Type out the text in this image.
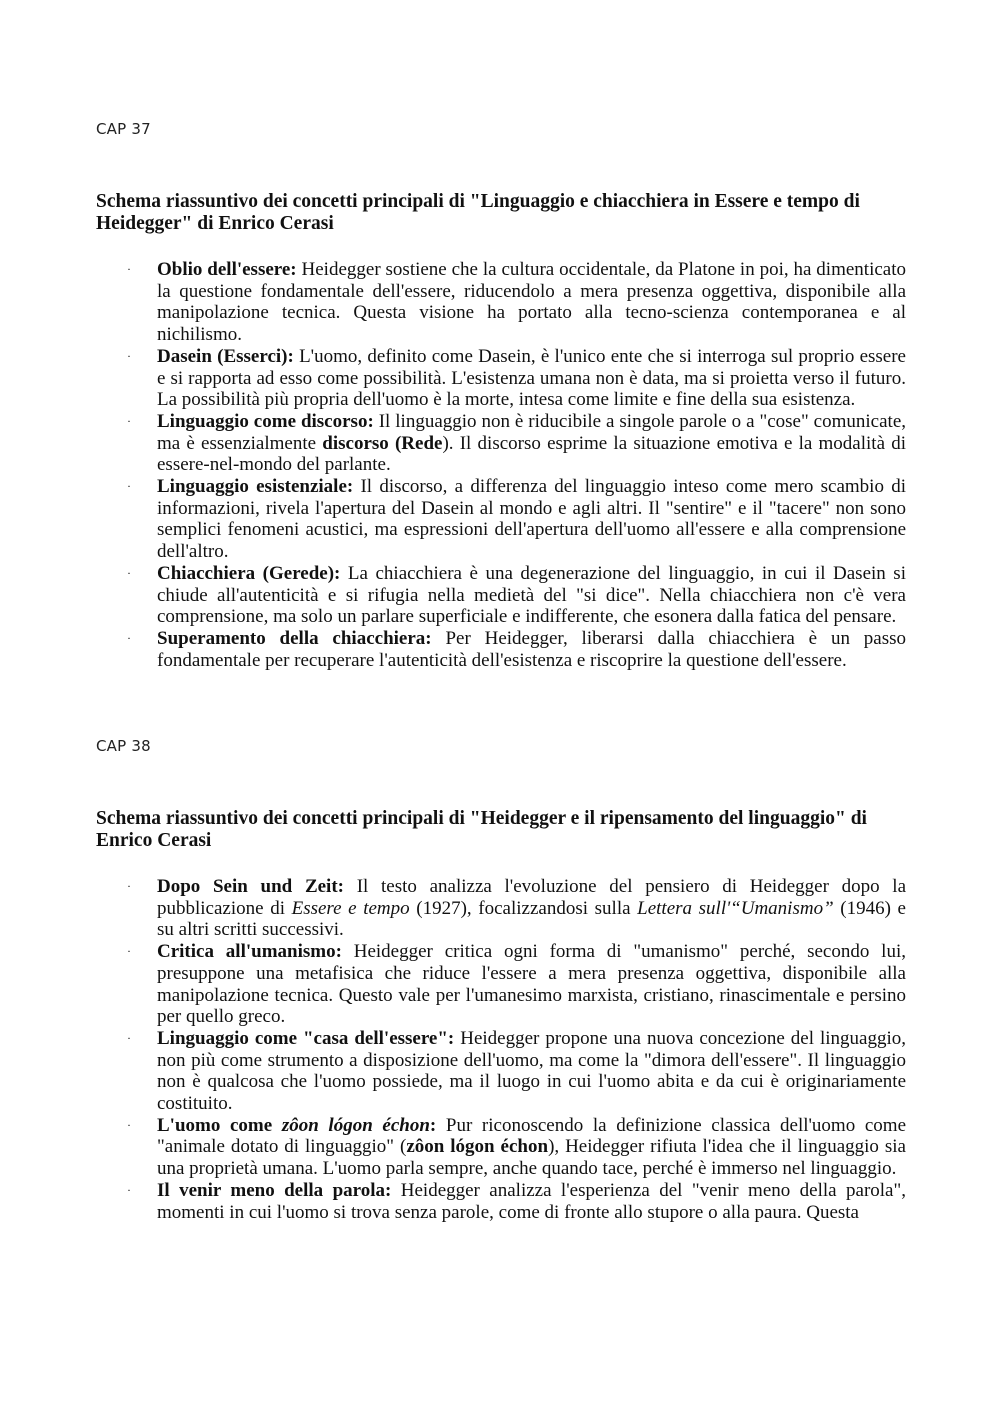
CAP 37
Schema riassuntivo dei concetti principali di "Linguaggio e chiacchiera in Essere e tempo di Heidegger" di Enrico Cerasi
· Oblio dell'essere: Heidegger sostiene che la cultura occidentale, da Platone in poi, ha dimenticato la questione fondamentale dell'essere, riducendolo a mera presenza oggettiva, disponibile alla manipolazione tecnica. Questa visione ha portato alla tecno-scienza contemporanea e al nichilismo.
· Dasein (Esserci): L'uomo, definito come Dasein, è l'unico ente che si interroga sul proprio essere e si rapporta ad esso come possibilità. L'esistenza umana non è data, ma si proietta verso il futuro. La possibilità più propria dell'uomo è la morte, intesa come limite e fine della sua esistenza.
· Linguaggio come discorso: Il linguaggio non è riducibile a singole parole o a "cose" comunicate, ma è essenzialmente discorso (Rede). Il discorso esprime la situazione emotiva e la modalità di essere-nel-mondo del parlante.
· Linguaggio esistenziale: Il discorso, a differenza del linguaggio inteso come mero scambio di informazioni, rivela l'apertura del Dasein al mondo e agli altri. Il "sentire" e il "tacere" non sono semplici fenomeni acustici, ma espressioni dell'apertura dell'uomo all'essere e alla comprensione dell'altro.
· Chiacchiera (Gerede): La chiacchiera è una degenerazione del linguaggio, in cui il Dasein si chiude all'autenticità e si rifugia nella medietà del "si dice". Nella chiacchiera non c'è vera comprensione, ma solo un parlare superficiale e indifferente, che esonera dalla fatica del pensare.
· Superamento della chiacchiera: Per Heidegger, liberarsi dalla chiacchiera è un passo fondamentale per recuperare l'autenticità dell'esistenza e riscoprire la questione dell'essere.
CAP 38
Schema riassuntivo dei concetti principali di "Heidegger e il ripensamento del linguaggio" di Enrico Cerasi
· Dopo Sein und Zeit: Il testo analizza l'evoluzione del pensiero di Heidegger dopo la pubblicazione di Essere e tempo (1927), focalizzandosi sulla Lettera sull'“Umanismo” (1946) e su altri scritti successivi.
· Critica all'umanismo: Heidegger critica ogni forma di "umanismo" perché, secondo lui, presuppone una metafisica che riduce l'essere a mera presenza oggettiva, disponibile alla manipolazione tecnica. Questo vale per l'umanesimo marxista, cristiano, rinascimentale e persino per quello greco.
· Linguaggio come "casa dell'essere": Heidegger propone una nuova concezione del linguaggio, non più come strumento a disposizione dell'uomo, ma come la "dimora dell'essere". Il linguaggio non è qualcosa che l'uomo possiede, ma il luogo in cui l'uomo abita e da cui è originariamente costituito.
· L'uomo come zôon lógon échon: Pur riconoscendo la definizione classica dell'uomo come "animale dotato di linguaggio" (zôon lógon échon), Heidegger rifiuta l'idea che il linguaggio sia una proprietà umana. L'uomo parla sempre, anche quando tace, perché è immerso nel linguaggio.
· Il venir meno della parola: Heidegger analizza l'esperienza del "venir meno della parola", momenti in cui l'uomo si trova senza parole, come di fronte allo stupore o alla paura. Questa
